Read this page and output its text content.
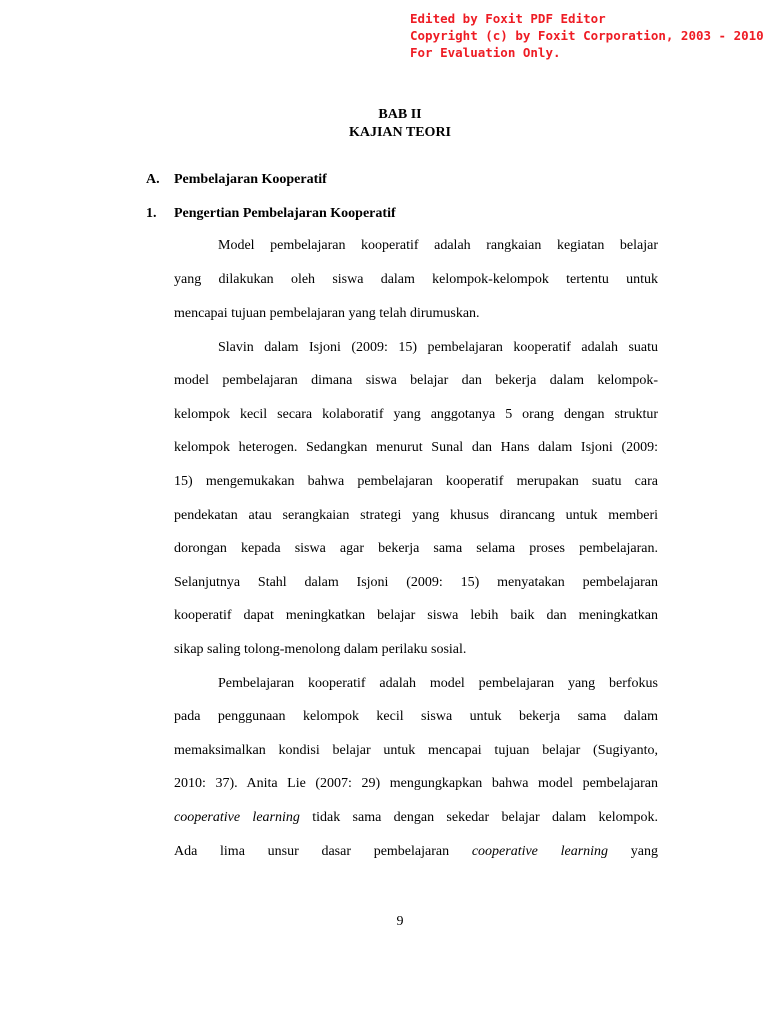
Edited by Foxit PDF Editor
Copyright (c) by Foxit Corporation, 2003 - 2010
For Evaluation Only.
BAB II
KAJIAN TEORI
A. Pembelajaran Kooperatif
1. Pengertian Pembelajaran Kooperatif
Model pembelajaran kooperatif adalah rangkaian kegiatan belajar
yang dilakukan oleh siswa dalam kelompok-kelompok tertentu untuk
mencapai tujuan pembelajaran yang telah dirumuskan.
Slavin dalam Isjoni (2009: 15) pembelajaran kooperatif adalah suatu
model pembelajaran dimana siswa belajar dan bekerja dalam kelompok-
kelompok kecil secara kolaboratif yang anggotanya 5 orang dengan struktur
kelompok heterogen. Sedangkan menurut Sunal dan Hans dalam Isjoni (2009:
15) mengemukakan bahwa pembelajaran kooperatif merupakan suatu cara
pendekatan atau serangkaian strategi yang khusus dirancang untuk memberi
dorongan kepada siswa agar bekerja sama selama proses pembelajaran.
Selanjutnya Stahl dalam Isjoni (2009: 15) menyatakan pembelajaran
kooperatif dapat meningkatkan belajar siswa lebih baik dan meningkatkan
sikap saling tolong-menolong dalam perilaku sosial.
Pembelajaran kooperatif adalah model pembelajaran yang berfokus
pada penggunaan kelompok kecil siswa untuk bekerja sama dalam
memaksimalkan kondisi belajar untuk mencapai tujuan belajar (Sugiyanto,
2010: 37). Anita Lie (2007: 29) mengungkapkan bahwa model pembelajaran
cooperative learning tidak sama dengan sekedar belajar dalam kelompok.
Ada lima unsur dasar pembelajaran cooperative learning yang
9
